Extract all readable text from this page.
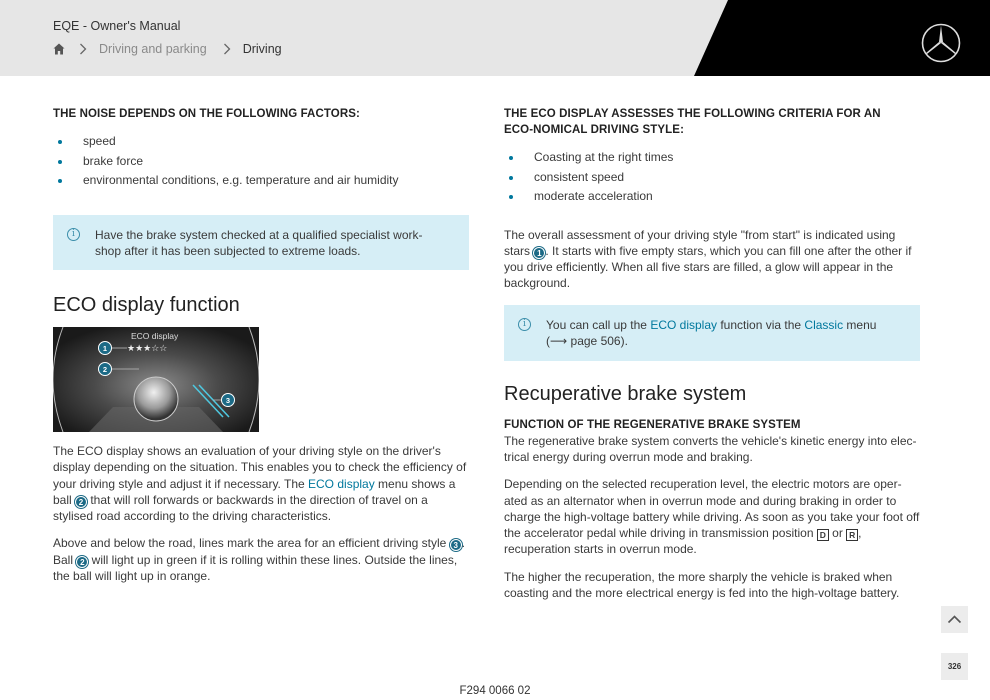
EQE - Owner's Manual
Driving and parking	Driving
THE NOISE DEPENDS ON THE FOLLOWING FACTORS:
speed
brake force
environmental conditions, e.g. temperature and air humidity
i	Have the brake system checked at a qualified specialist work-
shop after it has been subjected to extreme loads.
ECO display function
ECO display
★★★☆☆
1
2
3

The ECO display shows an evaluation of your driving style on the driver's display depending on the situation. This enables you to check the efficiency of your driving style and adjust it if necessary. The ECO display menu shows a ball 2 that will roll forwards or backwards in the direction of travel on a stylised road according to the driving characteristics.

Above and below the road, lines mark the area for an efficient driving style 3 . Ball 2 will light up in green if it is rolling within these lines. Outside the lines, the ball will light up in orange.

THE ECO DISPLAY ASSESSES THE FOLLOWING CRITERIA FOR AN ECO-NOMICAL DRIVING STYLE:
Coasting at the right times
consistent speed
moderate acceleration

The overall assessment of your driving style "from start" is indicated using stars 1 . It starts with five empty stars, which you can fill one after the other if you drive efficiently. When all five stars are filled, a glow will appear in the background.

i	You can call up the ECO display function via the Classic menu
(⟶ page 506).
Recuperative brake system
FUNCTION OF THE REGENERATIVE BRAKE SYSTEM

The regenerative brake system converts the vehicle's kinetic energy into elec-trical energy during overrun mode and braking.

Depending on the selected recuperation level, the electric motors are oper-ated as an alternator when in overrun mode and during braking in order to charge the high-voltage battery while driving. As soon as you take your foot off the accelerator pedal while driving in transmission position D or R , recuperation starts in overrun mode.

The higher the recuperation, the more sharply the vehicle is braked when coasting and the more electrical energy is fed into the high-voltage battery.

326
F294 0066 02
